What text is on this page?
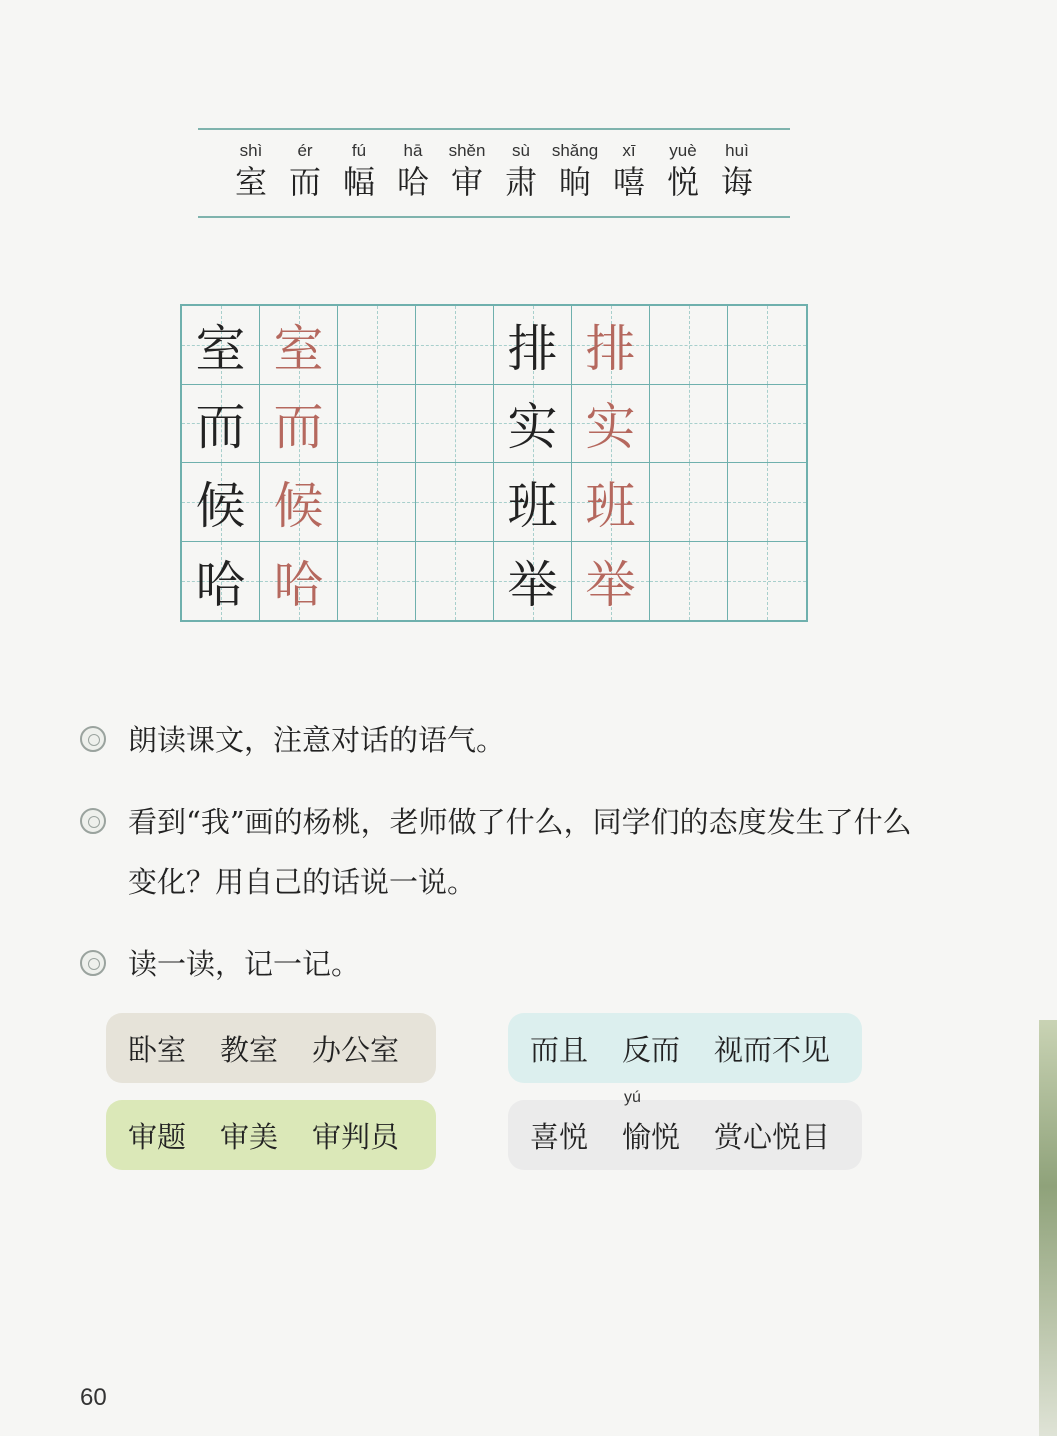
shì
室
ér
而
fú
幅
hā
哈
shěn
审
sù
肃
shǎng
晌
xī
嘻
yuè
悦
huì
诲
室 室	排 排
而 而	实 实
候 候	班 班
哈 哈	举 举
朗读课文，注意对话的语气。
看到“我”画的杨桃，老师做了什么，同学们的态度发生了什么变化？用自己的话说一说。
读一读，记一记。
卧室 教室 办公室
审题 审美 审判员
而且 反而 视而不见
喜悦
yú
愉悦 赏心悦目
60
